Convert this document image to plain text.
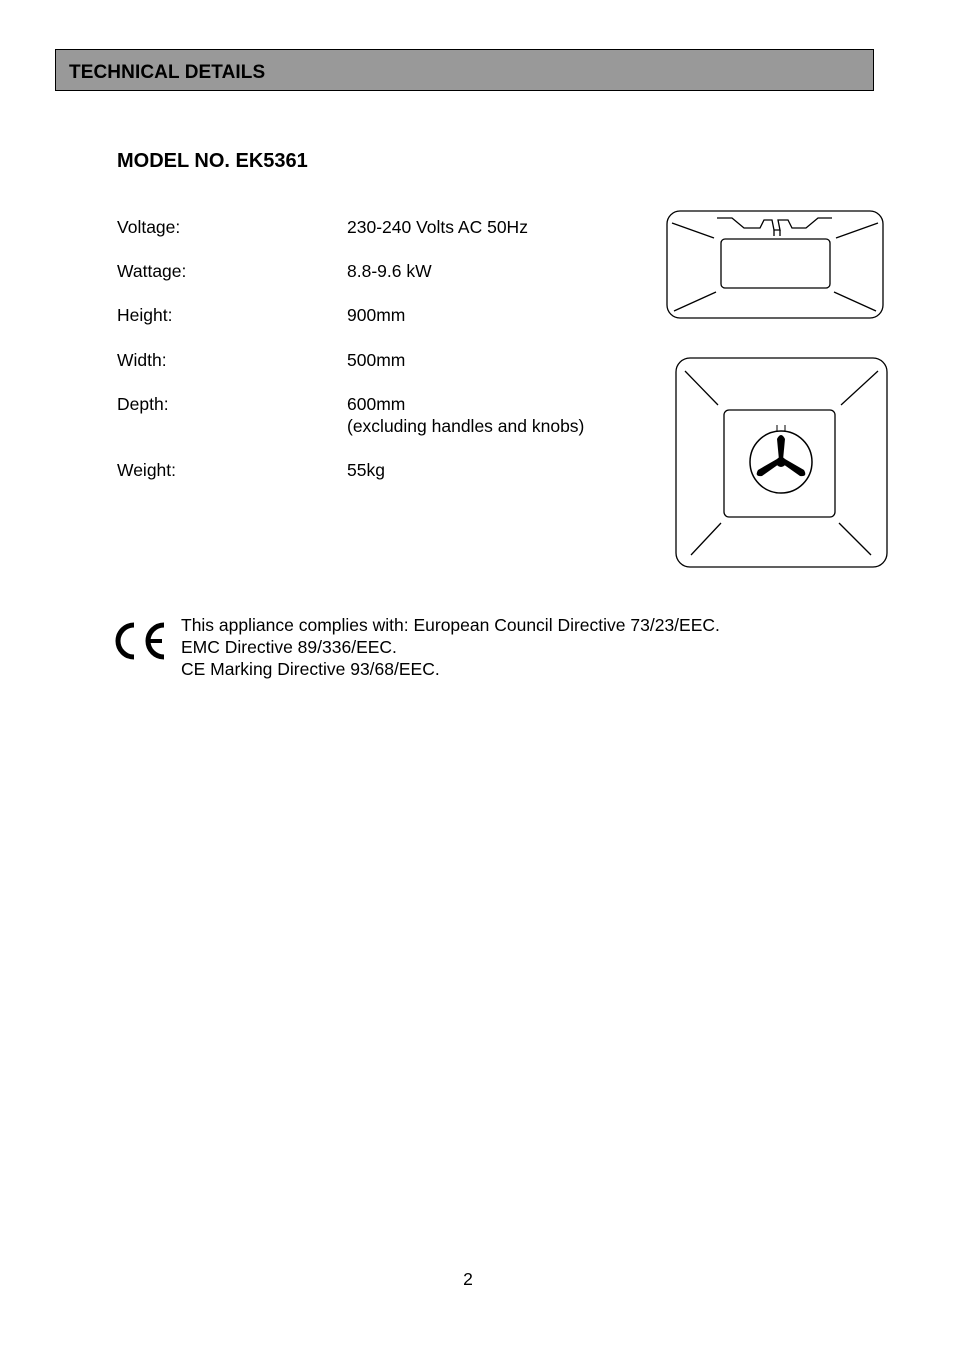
TECHNICAL DETAILS
MODEL NO. EK5361
Voltage:	230-240 Volts AC 50Hz
Wattage:	8.8-9.6 kW
Height:	900mm
Width:	500mm
Depth:	600mm
(excluding handles and knobs)
Weight:	55kg
CE	This appliance complies with: European Council Directive 73/23/EEC.
EMC Directive 89/336/EEC.
CE Marking Directive 93/68/EEC.
2
